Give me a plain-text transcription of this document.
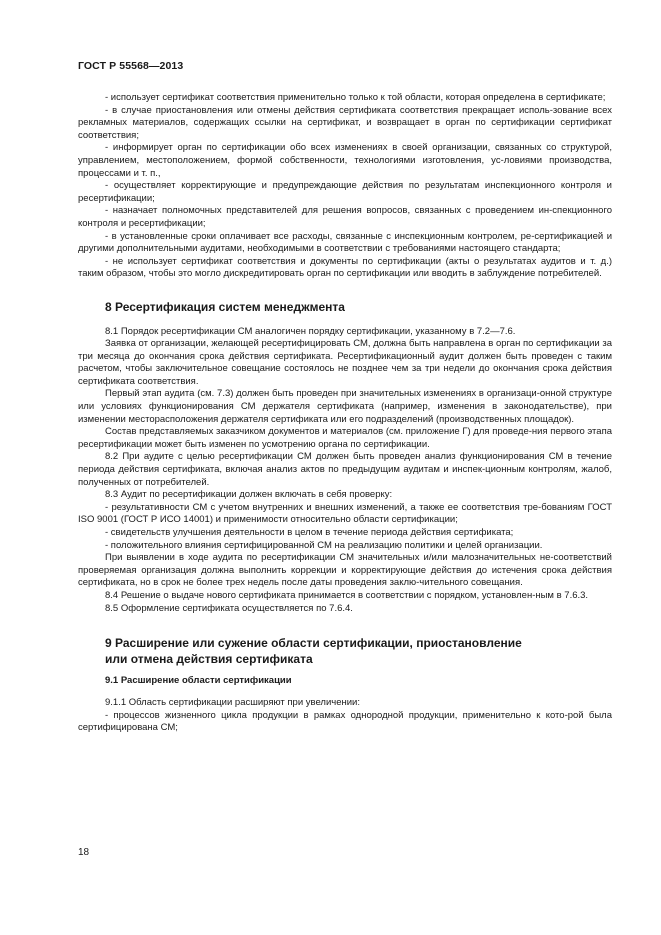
ГОСТ Р 55568—2013

- использует сертификат соответствия применительно только к той области, которая определена в сертификате;

- в случае приостановления или отмены действия сертификата соответствия прекращает исполь-зование всех рекламных материалов, содержащих ссылки на сертификат, и возвращает в орган по сертификации сертификат соответствия;

- информирует орган по сертификации обо всех изменениях в своей организации, связанных со структурой, управлением, местоположением, формой собственности, технологиями изготовления, ус-ловиями производства, процессами и т. п.,

- осуществляет корректирующие и предупреждающие действия по результатам инспекционного контроля и ресертификации;

- назначает полномочных представителей для решения вопросов, связанных с проведением ин-спекционного контроля и ресертификации;

- в установленные сроки оплачивает все расходы, связанные с инспекционным контролем, ре-сертификацией и другими дополнительными аудитами, необходимыми в соответствии с требованиями настоящего стандарта;

- не использует сертификат соответствия и документы по сертификации (акты о результатах аудитов и т. д.) таким образом, чтобы это могло дискредитировать орган по сертификации или вводить в заблуждение потребителей.

8 Ресертификация систем менеджмента

8.1 Порядок ресертификации СМ аналогичен порядку сертификации, указанному в 7.2—7.6.

Заявка от организации, желающей ресертифицировать СМ, должна быть направлена в орган по сертификации за три месяца до окончания срока действия сертификата. Ресертификационный аудит должен быть проведен с таким расчетом, чтобы заключительное совещание состоялось не позднее чем за три недели до окончания срока действия сертификата соответствия.

Первый этап аудита (см. 7.3) должен быть проведен при значительных изменениях в организаци-онной структуре или условиях функционирования СМ держателя сертификата (например, изменения в законодательстве), при изменении месторасположения держателя сертификата или его подразделений (производственных площадок).

Состав представляемых заказчиком документов и материалов (см. приложение Г) для проведе-ния первого этапа ресертификации может быть изменен по усмотрению органа по сертификации.

8.2 При аудите с целью ресертификации СМ должен быть проведен анализ функционирования СМ в течение периода действия сертификата, включая анализ актов по предыдущим аудитам и инспек-ционным контролям, жалоб, полученных от потребителей.

8.3 Аудит по ресертификации должен включать в себя проверку:

- результативности СМ с учетом внутренних и внешних изменений, а также ее соответствия тре-бованиям ГОСТ ISO 9001 (ГОСТ Р ИСО 14001) и применимости относительно области сертификации;

- свидетельств улучшения деятельности в целом в течение периода действия сертификата;

- положительного влияния сертифицированной СМ на реализацию политики и целей организации.

При выявлении в ходе аудита по ресертификации СМ значительных и/или малозначительных не-соответствий проверяемая организация должна выполнить коррекции и корректирующие действия до истечения срока действия сертификата, но в срок не более трех недель после даты проведения заклю-чительного совещания.

8.4 Решение о выдаче нового сертификата принимается в соответствии с порядком, установлен-ным в 7.6.3.

8.5 Оформление сертификата осуществляется по 7.6.4.

9 Расширение или сужение области сертификации, приостановление
или отмена действия сертификата
9.1 Расширение области сертификации

9.1.1 Область сертификации расширяют при увеличении:

- процессов жизненного цикла продукции в рамках однородной продукции, применительно к кото-рой была сертифицирована СМ;

18
